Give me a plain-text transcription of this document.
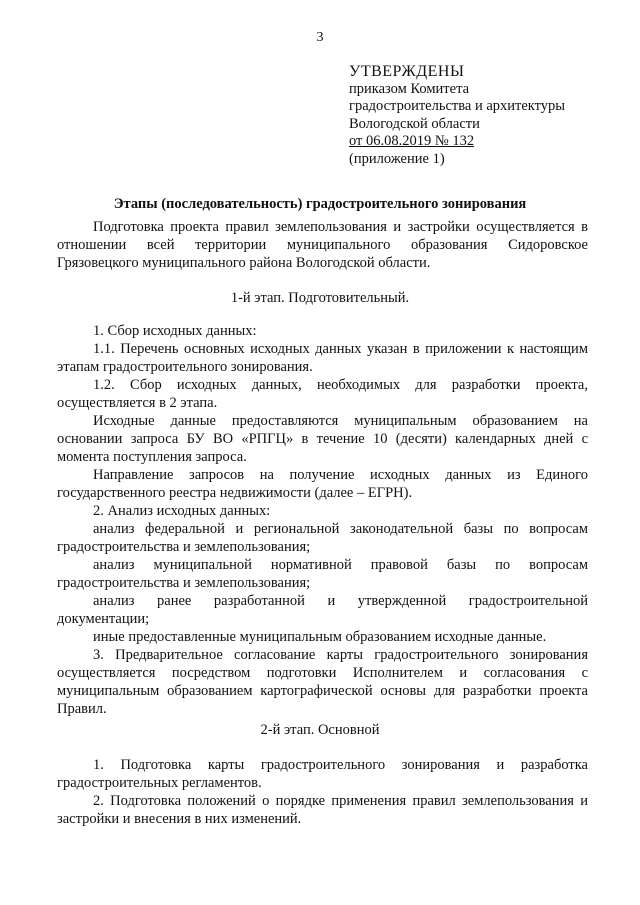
3
УТВЕРЖДЕНЫ
приказом Комитета
градостроительства и архитектуры
Вологодской области
от 06.08.2019 № 132
(приложение 1)
Этапы (последовательность) градостроительного зонирования

Подготовка проекта правил землепользования и застройки осуществляется в отношении всей территории муниципального образования Сидоровское Грязовецкого муниципального района Вологодской области.

1-й этап. Подготовительный.

1. Сбор исходных данных:

1.1. Перечень основных исходных данных указан в приложении к настоящим этапам градостроительного зонирования.

1.2. Сбор исходных данных, необходимых для разработки проекта, осуществляется в 2 этапа.

Исходные данные предоставляются муниципальным образованием на основании запроса БУ ВО «РПГЦ» в течение 10 (десяти) календарных дней с момента поступления запроса.

Направление запросов на получение исходных данных из Единого государственного реестра недвижимости (далее – ЕГРН).

2. Анализ исходных данных:

анализ федеральной и региональной законодательной базы по вопросам градостроительства и землепользования;

анализ муниципальной нормативной правовой базы по вопросам градостроительства и землепользования;

анализ ранее разработанной и утвержденной градостроительной документации;

иные предоставленные муниципальным образованием исходные данные.

3. Предварительное согласование карты градостроительного зонирования осуществляется посредством подготовки Исполнителем и согласования с муниципальным образованием картографической основы для разработки проекта Правил.

2-й этап. Основной

1. Подготовка карты градостроительного зонирования и разработка градостроительных регламентов.

2. Подготовка положений о порядке применения правил землепользования и застройки и внесения в них изменений.
